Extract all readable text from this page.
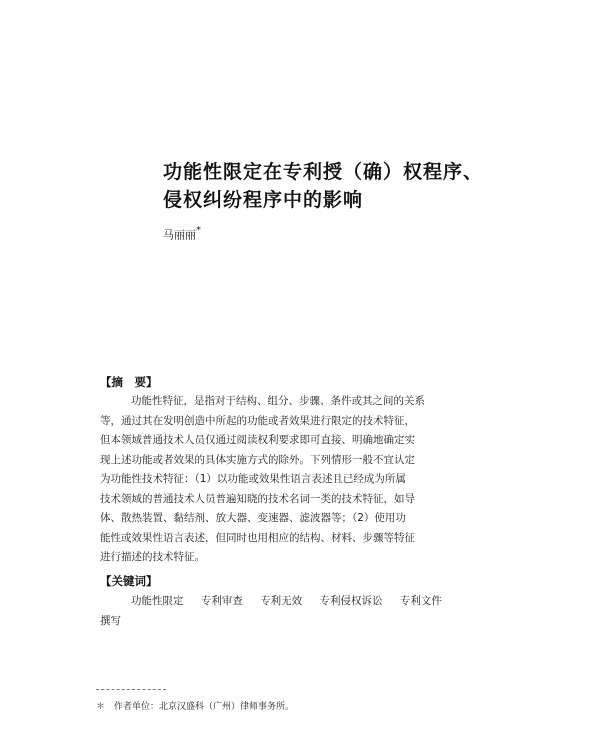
功能性限定在专利授（确）权程序、
侵权纠纷程序中的影响
马丽丽*
【摘　要】

功能性特征，是指对于结构、组分、步骤、条件或其之间的关系
等，通过其在发明创造中所起的功能或者效果进行限定的技术特征，
但本领域普通技术人员仅通过阅读权利要求即可直接、明确地确定实
现上述功能或者效果的具体实施方式的除外。下列情形一般不宜认定
为功能性技术特征：（1）以功能或效果性语言表述且已经成为所属
技术领域的普通技术人员普遍知晓的技术名词一类的技术特征，如导
体、散热装置、黏结剂、放大器、变速器、滤波器等；（2）使用功
能性或效果性语言表述，但同时也用相应的结构、材料、步骤等特征
进行描述的技术特征。

【关键词】

功能性限定 专利审查 专利无效 专利侵权诉讼 专利文件
撰写

＊　作者单位：北京汉盛科（广州）律师事务所。
